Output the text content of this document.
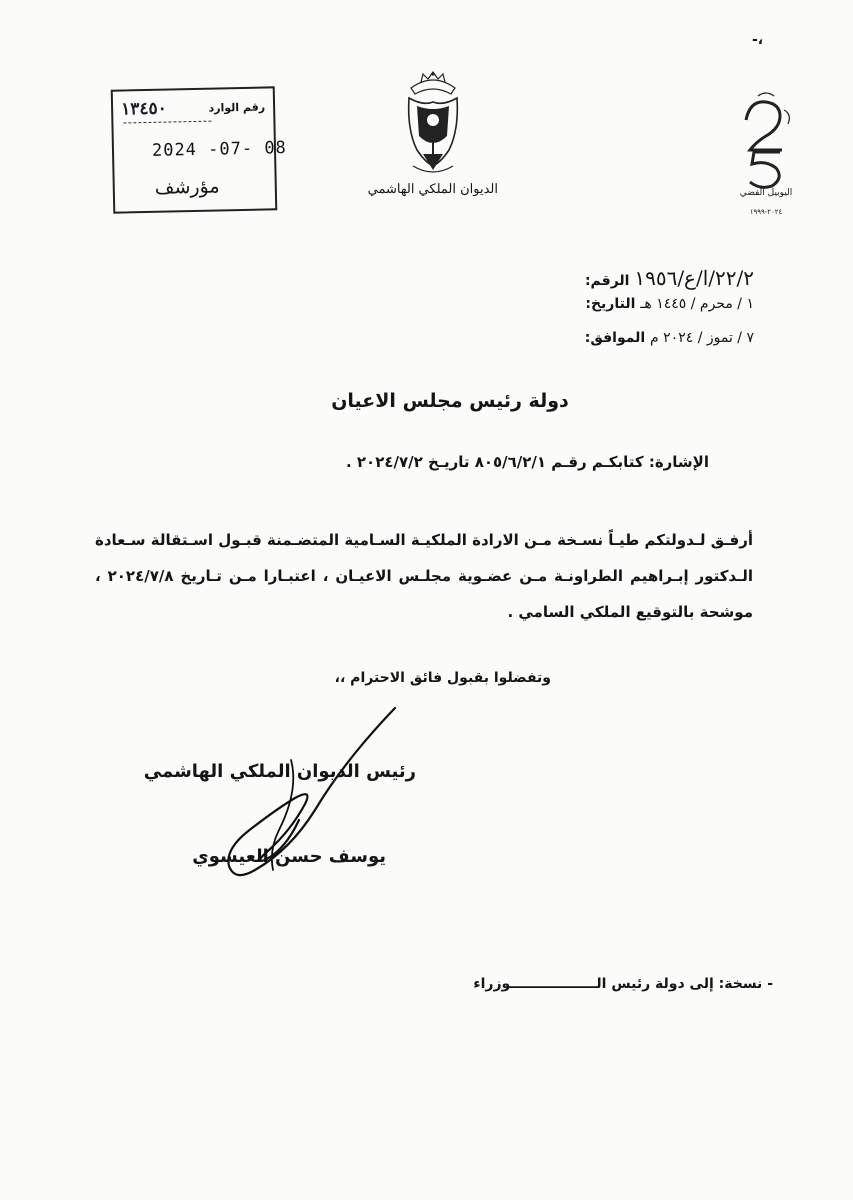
رقم الوارد
١٣٤٥٠
2024 -07- 08
مؤرشف	الديوان الملكي الهاشمي	اليوبيل الفضي
٢٠٢٤-١٩٩٩
-،
الرقم: ٢٢/٢/ا/ع/١٩٥٦
التاريخ: ١ / محرم / ١٤٤٥ هـ
الموافق: ٧ / تموز / ٢٠٢٤ م
دولة رئيس مجلس الاعيان
الإشارة: كتابكـم رقـم ٨٠٥/٦/٢/١ تاريـخ ٢٠٢٤/٧/٢ .
أرفـق لـدولتكم طيـاً نسـخة مـن الارادة الملكيـة السـامية المتضـمنة قبـول اسـتقالة سـعادة الـدكتور إبـراهيم الطراونـة مـن عضـوية مجلـس الاعيـان ، اعتبـارا مـن تـاريخ ٢٠٢٤/٧/٨ ، موشحة بالتوقيع الملكي السامي .
وتفضلوا بقبول فائق الاحترام ،،
رئيس الديوان الملكي الهاشمي
يوسف حسن العيسوي
- نسخة: إلى دولة رئيس الــــــــــــــــــوزراء
